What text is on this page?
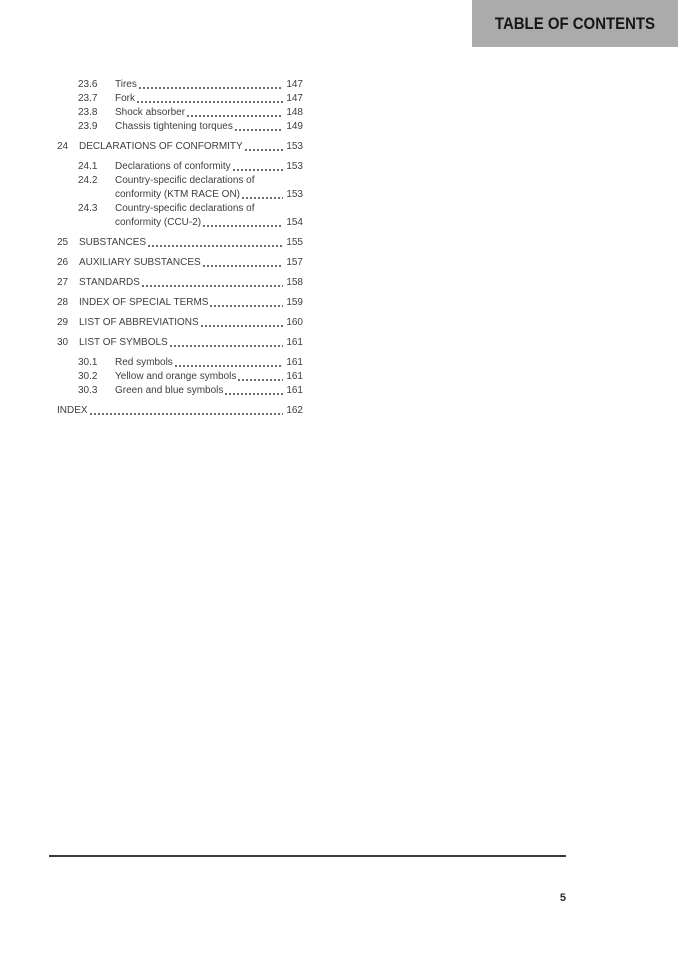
TABLE OF CONTENTS
23.6	Tires	147
23.7	Fork	147
23.8	Shock absorber	148
23.9	Chassis tightening torques	149
24	DECLARATIONS OF CONFORMITY	153
24.1	Declarations of conformity	153
24.2	Country-specific declarations of
conformity (KTM RACE ON)	153
24.3	Country-specific declarations of
conformity (CCU-2)	154
25	SUBSTANCES	155
26	AUXILIARY SUBSTANCES	157
27	STANDARDS	158
28	INDEX OF SPECIAL TERMS	159
29	LIST OF ABBREVIATIONS	160
30	LIST OF SYMBOLS	161
30.1	Red symbols	161
30.2	Yellow and orange symbols	161
30.3	Green and blue symbols	161
INDEX	162
5
